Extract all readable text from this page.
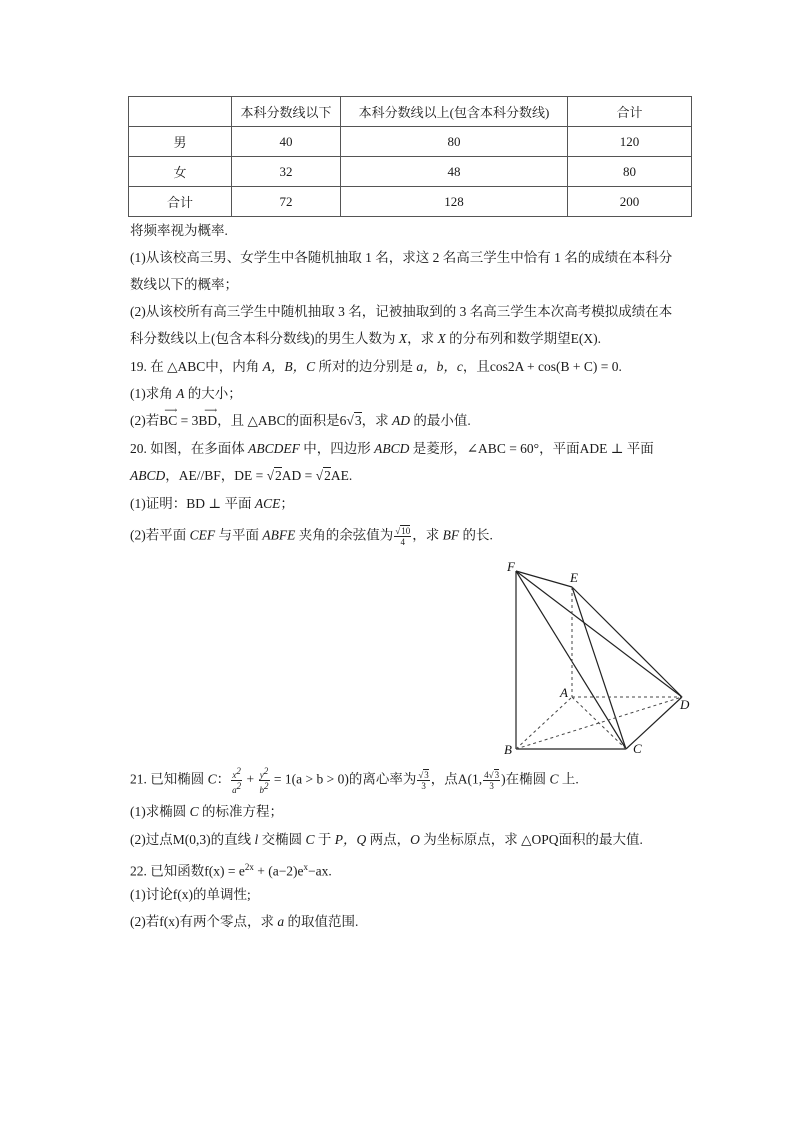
	本科分数线以下	本科分数线以上(包含本科分数线)	合计
男	40	80	120
女	32	48	80
合计	72	128	200
将频率视为概率.
(1)从该校高三男、女学生中各随机抽取 1 名，求这 2 名高三学生中恰有 1 名的成绩在本科分
数线以下的概率；
(2)从该校所有高三学生中随机抽取 3 名，记被抽取到的 3 名高三学生本次高考模拟成绩在本
科分数线以上(包含本科分数线)的男生人数为 X，求 X 的分布列和数学期望E(X).
19. 在 △ABC中，内角 A，B，C 所对的边分别是 a，b，c，且cos2A + cos(B + C) = 0.
(1)求角 A 的大小；
(2)若
⟶
BC = 3
⟶
BD，且 △ABC的面积是6√3，求 AD 的最小值.
20. 如图，在多面体 ABCDEF 中，四边形 ABCD 是菱形，∠ABC = 60°，平面ADE ⊥ 平面
ABCD，AE//BF，DE = √2AD = √2AE.
(1)证明：BD ⊥ 平面 ACE；
(2)若平面 CEF 与平面 ABFE 夹角的余弦值为 $\frac{√10}{4}$ ，求 BF 的长.
F
E
A
D
B	C
21. 已知椭圆 C： $\frac{x^2}{a^2} + \frac{y^2}{b^2} = 1(a > b > 0)$的离心率为 $\frac{√3}{3}$ ，点A(1, $\frac{4√3}{3}$ )在椭圆 C 上.
(1)求椭圆 C 的标准方程；
(2)过点M(0,3)的直线 l 交椭圆 C 于 P，Q 两点，O 为坐标原点，求 △OPQ面积的最大值.
22. 已知函数$f(x) = e^{2x} + (a-2)e^x-ax$.
(1)讨论f(x)的单调性;
(2)若f(x)有两个零点，求 a 的取值范围.
